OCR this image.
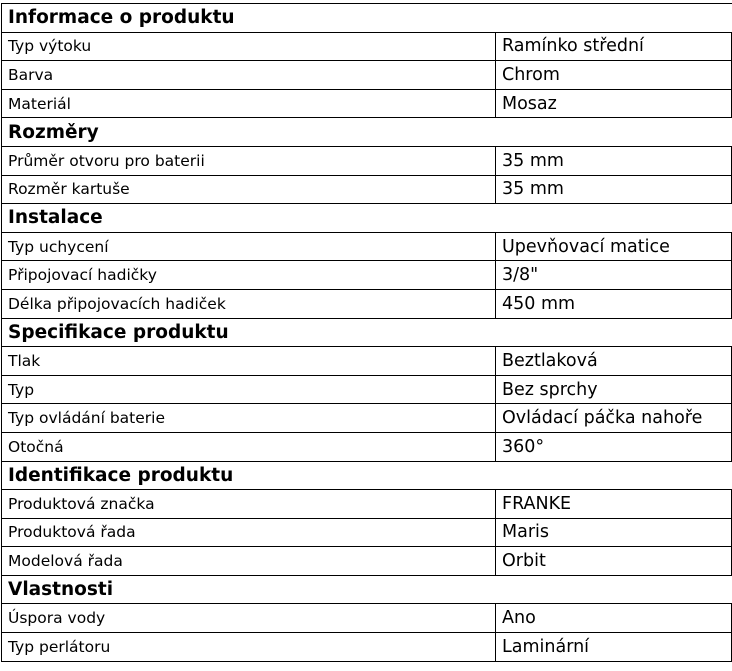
Informace o produktu	
Typ výtoku	Ramínko střední
Barva	Chrom
Materiál	Mosaz
Rozměry	
Průměr otvoru pro baterii	35 mm
Rozměr kartuše	35 mm
Instalace	
Typ uchycení	Upevňovací matice
Připojovací hadičky	3/8"
Délka připojovacích hadiček	450 mm
Specifikace produktu	
Tlak	Beztlaková
Typ	Bez sprchy
Typ ovládání baterie	Ovládací páčka nahoře
Otočná	360°
Identifikace produktu	
Produktová značka	FRANKE
Produktová řada	Maris
Modelová řada	Orbit
Vlastnosti	
Úspora vody	Ano
Typ perlátoru	Laminární
